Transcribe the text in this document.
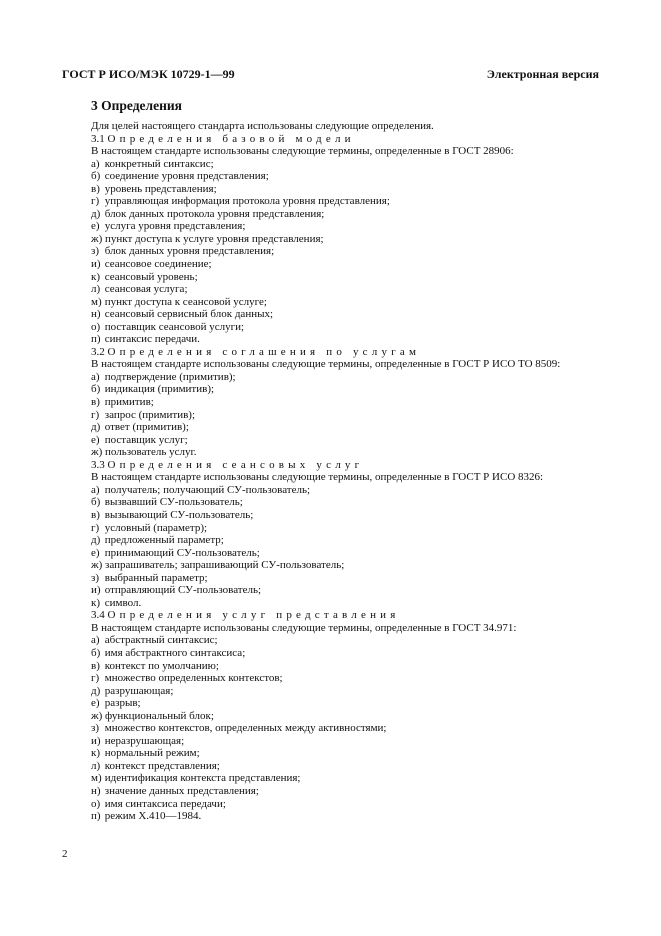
ГОСТ Р ИСО/МЭК 10729-1—99	Электронная версия
3 Определения
Для целей настоящего стандарта использованы следующие определения.
3.1 Определения базовой модели
В настоящем стандарте использованы следующие термины, определенные в ГОСТ 28906:
а) конкретный синтаксис;
б) соединение уровня представления;
в) уровень представления;
г) управляющая информация протокола уровня представления;
д) блок данных протокола уровня представления;
е) услуга уровня представления;
ж) пункт доступа к услуге уровня представления;
з) блок данных уровня представления;
и) сеансовое соединение;
к) сеансовый уровень;
л) сеансовая услуга;
м) пункт доступа к сеансовой услуге;
н) сеансовый сервисный блок данных;
о) поставщик сеансовой услуги;
п) синтаксис передачи.
3.2 Определения соглашения по услугам
В настоящем стандарте использованы следующие термины, определенные в ГОСТ Р ИСО ТО 8509:
а) подтверждение (примитив);
б) индикация (примитив);
в) примитив;
г) запрос (примитив);
д) ответ (примитив);
е) поставщик услуг;
ж) пользователь услуг.
3.3 Определения сеансовых услуг
В настоящем стандарте использованы следующие термины, определенные в ГОСТ Р ИСО 8326:
а) получатель; получающий СУ-пользователь;
б) вызвавший СУ-пользователь;
в) вызывающий СУ-пользователь;
г) условный (параметр);
д) предложенный параметр;
е) принимающий СУ-пользователь;
ж) запрашиватель; запрашивающий СУ-пользователь;
з) выбранный параметр;
и) отправляющий СУ-пользователь;
к) символ.
3.4 Определения услуг представления
В настоящем стандарте использованы следующие термины, определенные в ГОСТ 34.971:
а) абстрактный синтаксис;
б) имя абстрактного синтаксиса;
в) контекст по умолчанию;
г) множество определенных контекстов;
д) разрушающая;
е) разрыв;
ж) функциональный блок;
з) множество контекстов, определенных между активностями;
и) неразрушающая;
к) нормальный режим;
л) контекст представления;
м) идентификация контекста представления;
н) значение данных представления;
о) имя синтаксиса передачи;
п) режим Х.410—1984.
2
